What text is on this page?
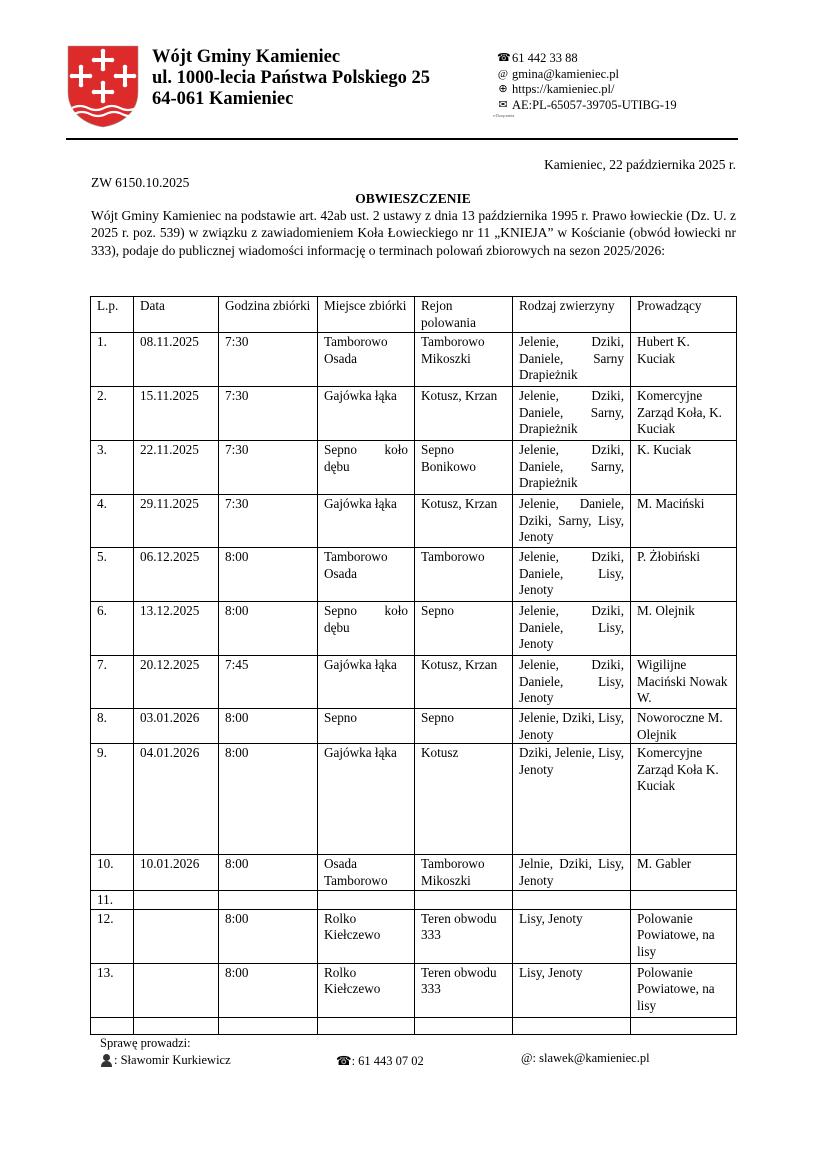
Wójt Gminy Kamieniec
ul. 1000-lecia Państwa Polskiego 25
64-061 Kamieniec
☎ 61 442 33 88
@ gmina@kamieniec.pl
⊕ https://kamieniec.pl/
✉ AE:PL-65057-39705-UTIBG-19
e-Doręczenia
Kamieniec, 22 października 2025 r.
ZW 6150.10.2025
OBWIESZCZENIE
Wójt Gminy Kamieniec na podstawie art. 42ab ust. 2 ustawy z dnia 13 października 1995 r. Prawo łowieckie (Dz. U. z 2025 r. poz. 539) w związku z zawiadomieniem Koła Łowieckiego nr 11 „KNIEJA” w Kościanie (obwód łowiecki nr 333), podaje do publicznej wiadomości informację o terminach polowań zbiorowych na sezon 2025/2026:
L.p.	Data	Godzina zbiórki	Miejsce zbiórki	Rejon polowania	Rodzaj zwierzyny	Prowadzący
1.	08.11.2025	7:30	Tamborowo Osada	Tamborowo Mikoszki	Jelenie, Dziki, Daniele, Sarny Drapieżnik	Hubert K. Kuciak
2.	15.11.2025	7:30	Gajówka łąka	Kotusz, Krzan	Jelenie, Dziki, Daniele, Sarny, Drapieżnik	Komercyjne Zarząd Koła, K. Kuciak
3.	22.11.2025	7:30	Sepno koło dębu	Sepno Bonikowo	Jelenie, Dziki, Daniele, Sarny, Drapieżnik	K. Kuciak
4.	29.11.2025	7:30	Gajówka łąka	Kotusz, Krzan	Jelenie, Daniele, Dziki, Sarny, Lisy, Jenoty	M. Maciński
5.	06.12.2025	8:00	Tamborowo Osada	Tamborowo	Jelenie, Dziki, Daniele, Lisy, Jenoty	P. Żłobiński
6.	13.12.2025	8:00	Sepno koło dębu	Sepno	Jelenie, Dziki, Daniele, Lisy, Jenoty	M. Olejnik
7.	20.12.2025	7:45	Gajówka łąka	Kotusz, Krzan	Jelenie, Dziki, Daniele, Lisy, Jenoty	Wigilijne Maciński Nowak W.
8.	03.01.2026	8:00	Sepno	Sepno	Jelenie, Dziki, Lisy, Jenoty	Noworoczne M. Olejnik
9.	04.01.2026	8:00	Gajówka łąka	Kotusz	Dziki, Jelenie, Lisy, Jenoty	Komercyjne Zarząd Koła K. Kuciak
10.	10.01.2026	8:00	Osada Tamborowo	Tamborowo Mikoszki	Jelnie, Dziki, Lisy, Jenoty	M. Gabler
11.						
12.		8:00	Rolko Kiełczewo	Teren obwodu 333	Lisy, Jenoty	Polowanie Powiatowe, na lisy
13.		8:00	Rolko Kiełczewo	Teren obwodu 333	Lisy, Jenoty	Polowanie Powiatowe, na lisy

Sprawę prowadzi:
: Sławomir Kurkiewicz	☎: 61 443 07 02	@: slawek@kamieniec.pl
